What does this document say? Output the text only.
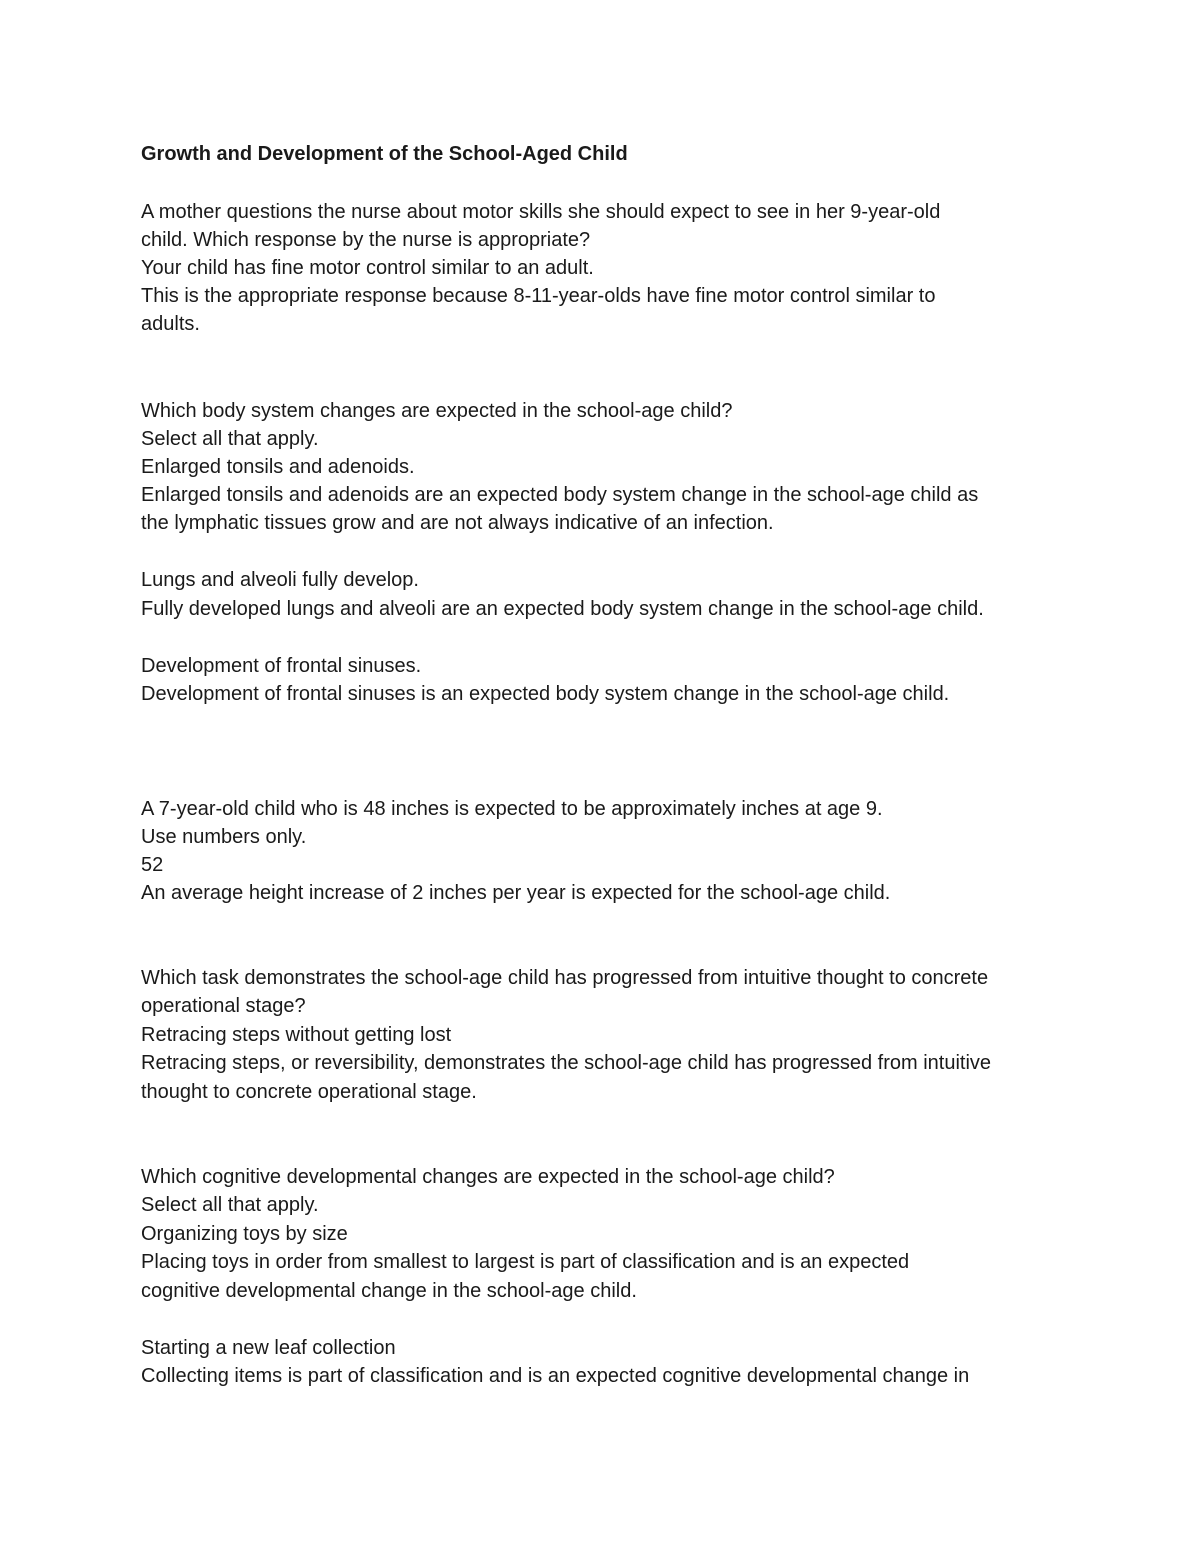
Growth and Development of the School-Aged Child
A mother questions the nurse about motor skills she should expect to see in her 9-year-old
child. Which response by the nurse is appropriate?
Your child has fine motor control similar to an adult.
This is the appropriate response because 8-11-year-olds have fine motor control similar to
adults.
Which body system changes are expected in the school-age child?
Select all that apply.
Enlarged tonsils and adenoids.
Enlarged tonsils and adenoids are an expected body system change in the school-age child as
the lymphatic tissues grow and are not always indicative of an infection.
Lungs and alveoli fully develop.
Fully developed lungs and alveoli are an expected body system change in the school-age child.
Development of frontal sinuses.
Development of frontal sinuses is an expected body system change in the school-age child.
A 7-year-old child who is 48 inches is expected to be approximately inches at age 9.
Use numbers only.
52
An average height increase of 2 inches per year is expected for the school-age child.
Which task demonstrates the school-age child has progressed from intuitive thought to concrete
operational stage?
Retracing steps without getting lost
Retracing steps, or reversibility, demonstrates the school-age child has progressed from intuitive
thought to concrete operational stage.
Which cognitive developmental changes are expected in the school-age child?
Select all that apply.
Organizing toys by size
Placing toys in order from smallest to largest is part of classification and is an expected
cognitive developmental change in the school-age child.
Starting a new leaf collection
Collecting items is part of classification and is an expected cognitive developmental change in
